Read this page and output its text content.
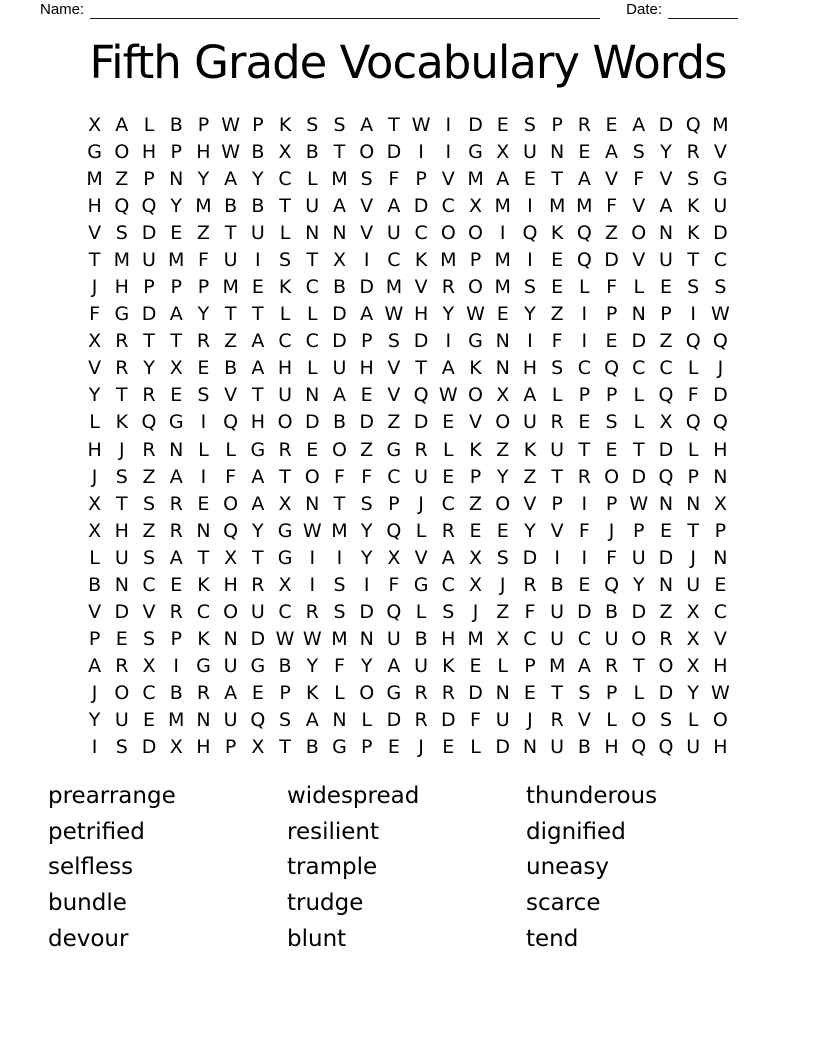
Name:	Date:
Fifth Grade Vocabulary Words
X A L B P W P K S S A T W I D E S P R E A D Q M
G O H P H W B X B T O D I	I G X U N E A S Y R V
M Z P N Y A Y C L M S F P V M A E T A V F V S G
H Q Q Y M B B T U A V A D C X M I M M F V A K U
V S D E Z T U L N N V U C O O I Q K Q Z O N K D
T M U M F U I S T X I C K M P M I E Q D V U T C
J H P P P M E K C B D M V R O M S E L F L E S S
F G D A Y T T L L D A W H Y W E Y Z I P N P I W
X R T T R Z A C C D P S D I G N I F I E D Z Q Q
V R Y X E B A H L U H V T A K N H S C Q C C L	J
Y T R E S V T U N A E V Q W O X A L P P L Q F D
L K Q G I Q H O D B D Z D E V O U R E S L X Q Q
H J R N L L G R E O Z G R L K Z K U T E T D L H
J S Z A I F A T O F F C U E P Y Z T R O D Q P N
X T S R E O A X N T S P J C Z O V P I P W N N X
X H Z R N Q Y G W M Y Q L R E E Y V F J P E T P
L U S A T X T G I	I Y X V A X S D I	I F U D J N
B N C E K H R X I S I F G C X J R B E Q Y N U E
V D V R C O U C R S D Q L S J Z F U D B D Z X C
P E S P K N D W W M N U B H M X C U C U O R X V
A R X I G U G B Y F Y A U K E L P M A R T O X H
J O C B R A E P K L O G R R D N E T S P L D Y W
Y U E M N U Q S A N L D R D F U J R V L O S L O
I S D X H P X T B G P E J E L D N U B H Q Q U H
prearrange
petrified
selfless
bundle
devour
widespread
resilient
trample
trudge
blunt
thunderous
dignified
uneasy
scarce
tend
